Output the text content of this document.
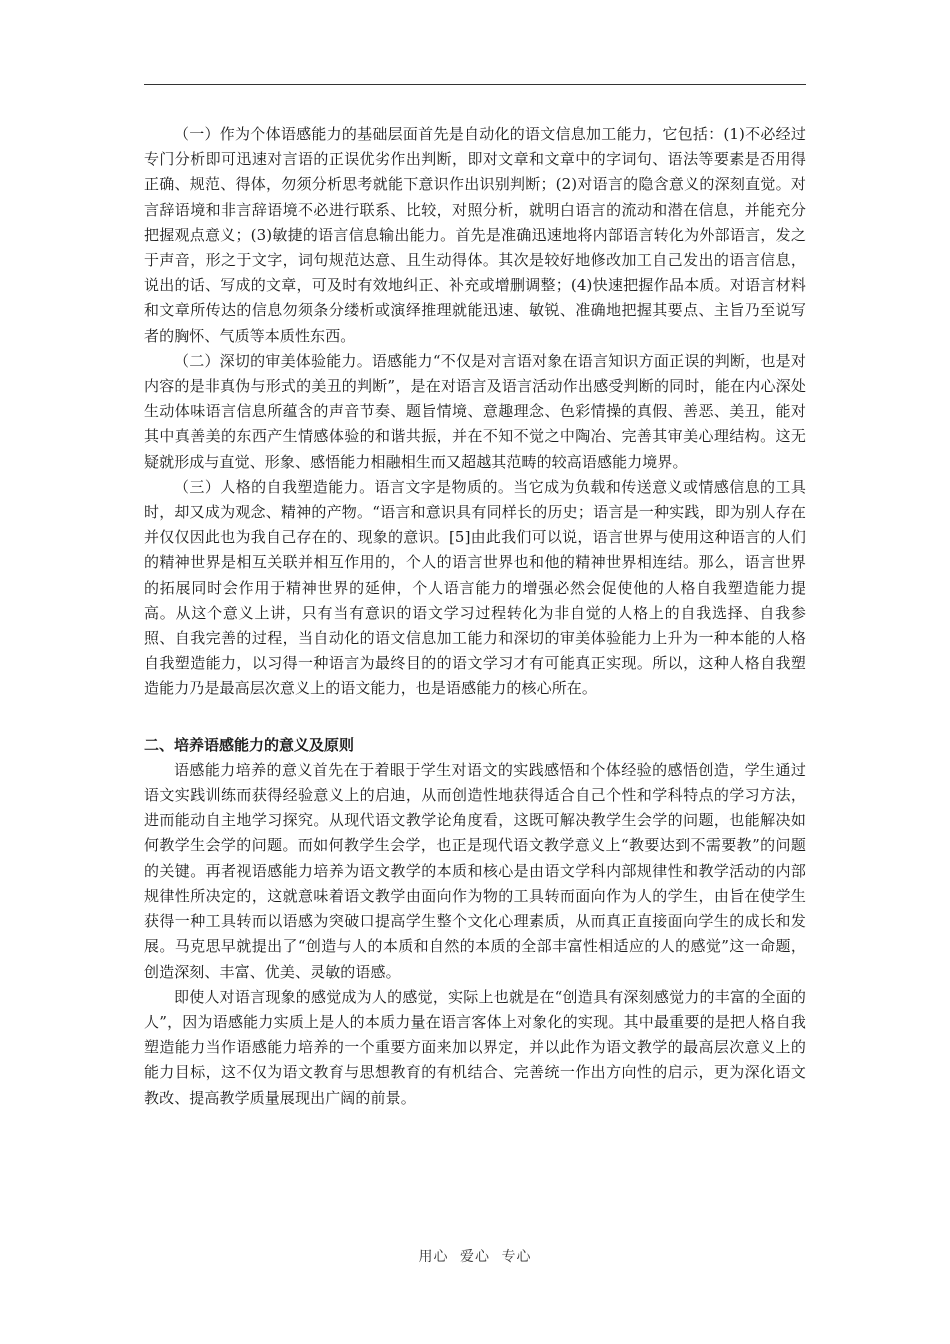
（一）作为个体语感能力的基础层面首先是自动化的语文信息加工能力，它包括：(1)不必经过专门分析即可迅速对言语的正误优劣作出判断，即对文章和文章中的字词句、语法等要素是否用得正确、规范、得体，勿须分析思考就能下意识作出识别判断；(2)对语言的隐含意义的深刻直觉。对言辞语境和非言辞语境不必进行联系、比较，对照分析，就明白语言的流动和潜在信息，并能充分把握观点意义；(3)敏捷的语言信息输出能力。首先是准确迅速地将内部语言转化为外部语言，发之于声音，形之于文字，词句规范达意、且生动得体。其次是较好地修改加工自己发出的语言信息，说出的话、写成的文章，可及时有效地纠正、补充或增删调整；(4)快速把握作品本质。对语言材料和文章所传达的信息勿须条分缕析或演绎推理就能迅速、敏锐、准确地把握其要点、主旨乃至说写者的胸怀、气质等本质性东西。

（二）深切的审美体验能力。语感能力“不仅是对言语对象在语言知识方面正误的判断，也是对内容的是非真伪与形式的美丑的判断”，是在对语言及语言活动作出感受判断的同时，能在内心深处生动体味语言信息所蕴含的声音节奏、题旨情境、意趣理念、色彩情操的真假、善恶、美丑，能对其中真善美的东西产生情感体验的和谐共振，并在不知不觉之中陶冶、完善其审美心理结构。这无疑就形成与直觉、形象、感悟能力相融相生而又超越其范畴的较高语感能力境界。

（三）人格的自我塑造能力。语言文字是物质的。当它成为负载和传送意义或情感信息的工具时，却又成为观念、精神的产物。“语言和意识具有同样长的历史；语言是一种实践，即为别人存在并仅仅因此也为我自己存在的、现象的意识。[5]由此我们可以说，语言世界与使用这种语言的人们的精神世界是相互关联并相互作用的，个人的语言世界也和他的精神世界相连结。那么，语言世界的拓展同时会作用于精神世界的延伸，个人语言能力的增强必然会促使他的人格自我塑造能力提高。从这个意义上讲，只有当有意识的语文学习过程转化为非自觉的人格上的自我选择、自我参照、自我完善的过程，当自动化的语文信息加工能力和深切的审美体验能力上升为一种本能的人格自我塑造能力，以习得一种语言为最终目的的语文学习才有可能真正实现。所以，这种人格自我塑造能力乃是最高层次意义上的语文能力，也是语感能力的核心所在。

二、培养语感能力的意义及原则

语感能力培养的意义首先在于着眼于学生对语文的实践感悟和个体经验的感悟创造，学生通过语文实践训练而获得经验意义上的启迪，从而创造性地获得适合自己个性和学科特点的学习方法，进而能动自主地学习探究。从现代语文教学论角度看，这既可解决教学生会学的问题，也能解决如何教学生会学的问题。而如何教学生会学，也正是现代语文教学意义上“教要达到不需要教”的问题的关键。再者视语感能力培养为语文教学的本质和核心是由语文学科内部规律性和教学活动的内部规律性所决定的，这就意味着语文教学由面向作为物的工具转而面向作为人的学生，由旨在使学生获得一种工具转而以语感为突破口提高学生整个文化心理素质，从而真正直接面向学生的成长和发展。马克思早就提出了“创造与人的本质和自然的本质的全部丰富性相适应的人的感觉”这一命题，创造深刻、丰富、优美、灵敏的语感。

即使人对语言现象的感觉成为人的感觉，实际上也就是在“创造具有深刻感觉力的丰富的全面的人”，因为语感能力实质上是人的本质力量在语言客体上对象化的实现。其中最重要的是把人格自我塑造能力当作语感能力培养的一个重要方面来加以界定，并以此作为语文教学的最高层次意义上的能力目标，这不仅为语文教育与思想教育的有机结合、完善统一作出方向性的启示，更为深化语文教改、提高教学质量展现出广阔的前景。

用心 爱心 专心
